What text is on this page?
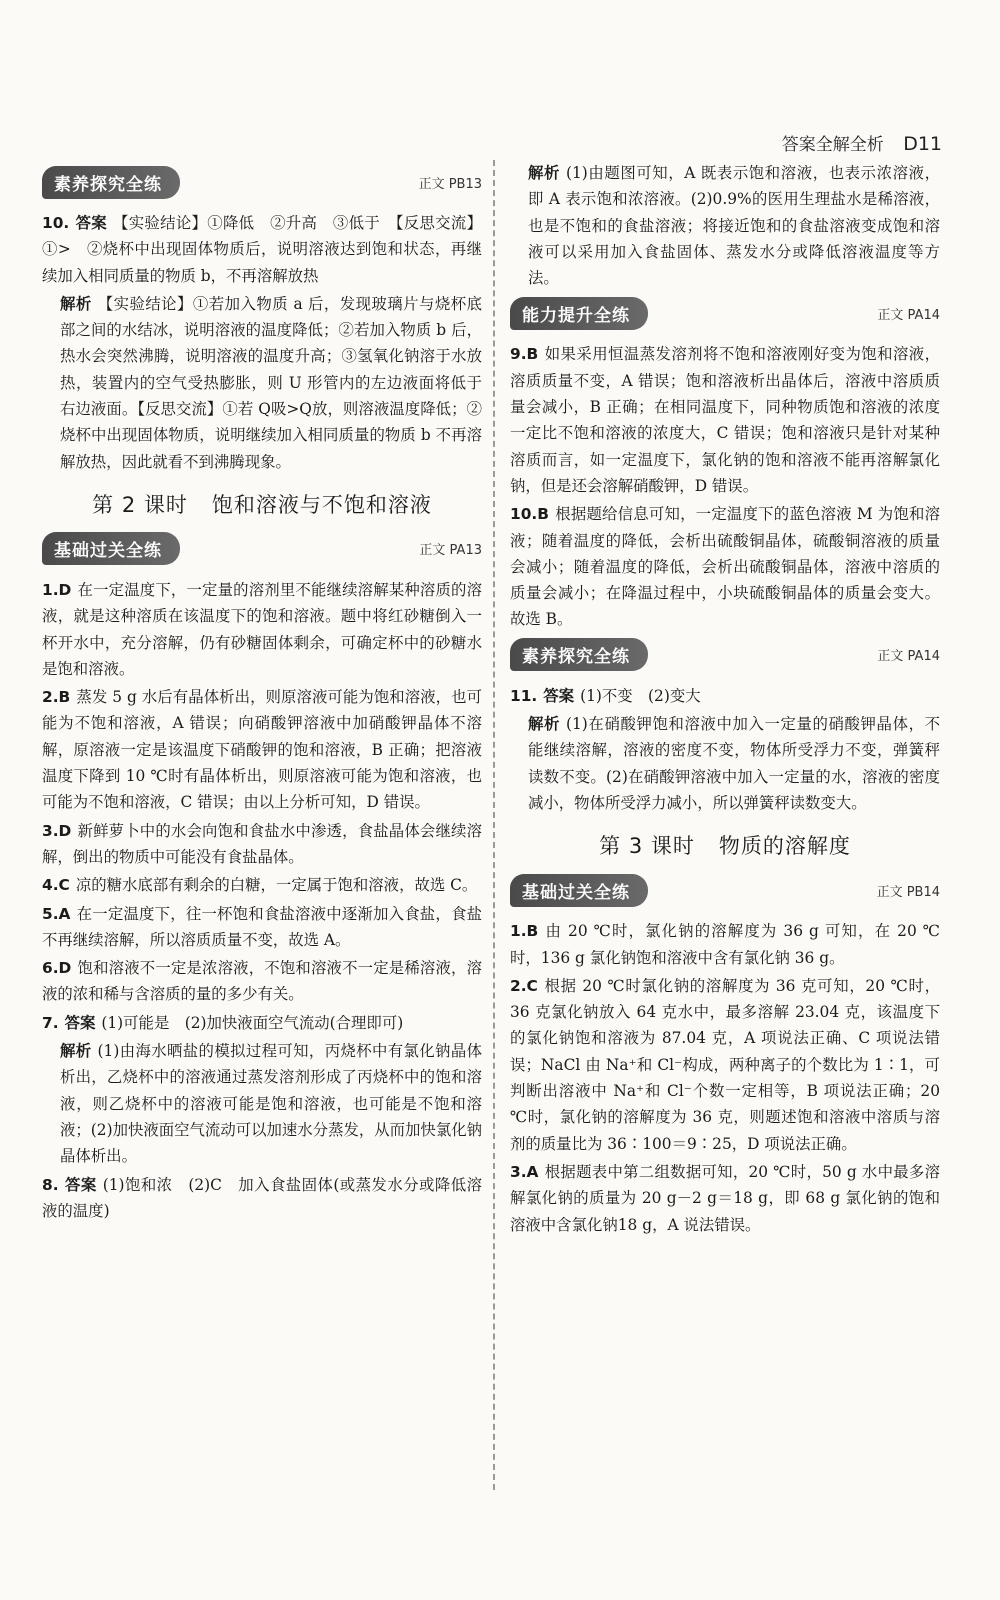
答案全解全析 D11
素养探究全练	正文 PB13
10. 答案 【实验结论】①降低　②升高　③低于　【反思交流】①>　②烧杯中出现固体物质后，说明溶液达到饱和状态，再继续加入相同质量的物质 b，不再溶解放热
解析 【实验结论】①若加入物质 a 后，发现玻璃片与烧杯底部之间的水结冰，说明溶液的温度降低；②若加入物质 b 后，热水会突然沸腾，说明溶液的温度升高；③氢氧化钠溶于水放热，装置内的空气受热膨胀，则 U 形管内的左边液面将低于右边液面。【反思交流】①若 Q吸>Q放，则溶液温度降低；②烧杯中出现固体物质，说明继续加入相同质量的物质 b 不再溶解放热，因此就看不到沸腾现象。
第 2 课时 饱和溶液与不饱和溶液
基础过关全练	正文 PA13
1.D 在一定温度下，一定量的溶剂里不能继续溶解某种溶质的溶液，就是这种溶质在该温度下的饱和溶液。题中将红砂糖倒入一杯开水中，充分溶解，仍有砂糖固体剩余，可确定杯中的砂糖水是饱和溶液。
2.B 蒸发 5 g 水后有晶体析出，则原溶液可能为饱和溶液，也可能为不饱和溶液，A 错误；向硝酸钾溶液中加硝酸钾晶体不溶解，原溶液一定是该温度下硝酸钾的饱和溶液，B 正确；把溶液温度下降到 10 ℃时有晶体析出，则原溶液可能为饱和溶液，也可能为不饱和溶液，C 错误；由以上分析可知，D 错误。
3.D 新鲜萝卜中的水会向饱和食盐水中渗透，食盐晶体会继续溶解，倒出的物质中可能没有食盐晶体。
4.C 凉的糖水底部有剩余的白糖，一定属于饱和溶液，故选 C。
5.A 在一定温度下，往一杯饱和食盐溶液中逐渐加入食盐，食盐不再继续溶解，所以溶质质量不变，故选 A。
6.D 饱和溶液不一定是浓溶液，不饱和溶液不一定是稀溶液，溶液的浓和稀与含溶质的量的多少有关。
7. 答案 (1)可能是　(2)加快液面空气流动(合理即可)
解析 (1)由海水晒盐的模拟过程可知，丙烧杯中有氯化钠晶体析出，乙烧杯中的溶液通过蒸发溶剂形成了丙烧杯中的饱和溶液，则乙烧杯中的溶液可能是饱和溶液，也可能是不饱和溶液；(2)加快液面空气流动可以加速水分蒸发，从而加快氯化钠晶体析出。
8. 答案 (1)饱和浓　(2)C　加入食盐固体(或蒸发水分或降低溶液的温度)
解析 (1)由题图可知，A 既表示饱和溶液，也表示浓溶液，即 A 表示饱和浓溶液。(2)0.9%的医用生理盐水是稀溶液，也是不饱和的食盐溶液；将接近饱和的食盐溶液变成饱和溶液可以采用加入食盐固体、蒸发水分或降低溶液温度等方法。
能力提升全练	正文 PA14
9.B 如果采用恒温蒸发溶剂将不饱和溶液刚好变为饱和溶液，溶质质量不变，A 错误；饱和溶液析出晶体后，溶液中溶质质量会减小，B 正确；在相同温度下，同种物质饱和溶液的浓度一定比不饱和溶液的浓度大，C 错误；饱和溶液只是针对某种溶质而言，如一定温度下，氯化钠的饱和溶液不能再溶解氯化钠，但是还会溶解硝酸钾，D 错误。
10.B 根据题给信息可知，一定温度下的蓝色溶液 M 为饱和溶液；随着温度的降低，会析出硫酸铜晶体，硫酸铜溶液的质量会减小；随着温度的降低，会析出硫酸铜晶体，溶液中溶质的质量会减小；在降温过程中，小块硫酸铜晶体的质量会变大。故选 B。
素养探究全练	正文 PA14
11. 答案 (1)不变　(2)变大
解析 (1)在硝酸钾饱和溶液中加入一定量的硝酸钾晶体，不能继续溶解，溶液的密度不变，物体所受浮力不变，弹簧秤读数不变。(2)在硝酸钾溶液中加入一定量的水，溶液的密度减小，物体所受浮力减小，所以弹簧秤读数变大。
第 3 课时 物质的溶解度
基础过关全练	正文 PB14
1.B 由 20 ℃时，氯化钠的溶解度为 36 g 可知，在 20 ℃时，136 g 氯化钠饱和溶液中含有氯化钠 36 g。
2.C 根据 20 ℃时氯化钠的溶解度为 36 克可知，20 ℃时，36 克氯化钠放入 64 克水中，最多溶解 23.04 克，该温度下的氯化钠饱和溶液为 87.04 克，A 项说法正确、C 项说法错误；NaCl 由 Na⁺和 Cl⁻构成，两种离子的个数比为 1∶1，可判断出溶液中 Na⁺和 Cl⁻个数一定相等，B 项说法正确；20 ℃时，氯化钠的溶解度为 36 克，则题述饱和溶液中溶质与溶剂的质量比为 36∶100＝9∶25，D 项说法正确。
3.A 根据题表中第二组数据可知，20 ℃时，50 g 水中最多溶解氯化钠的质量为 20 g－2 g＝18 g，即 68 g 氯化钠的饱和溶液中含氯化钠18 g，A 说法错误。
